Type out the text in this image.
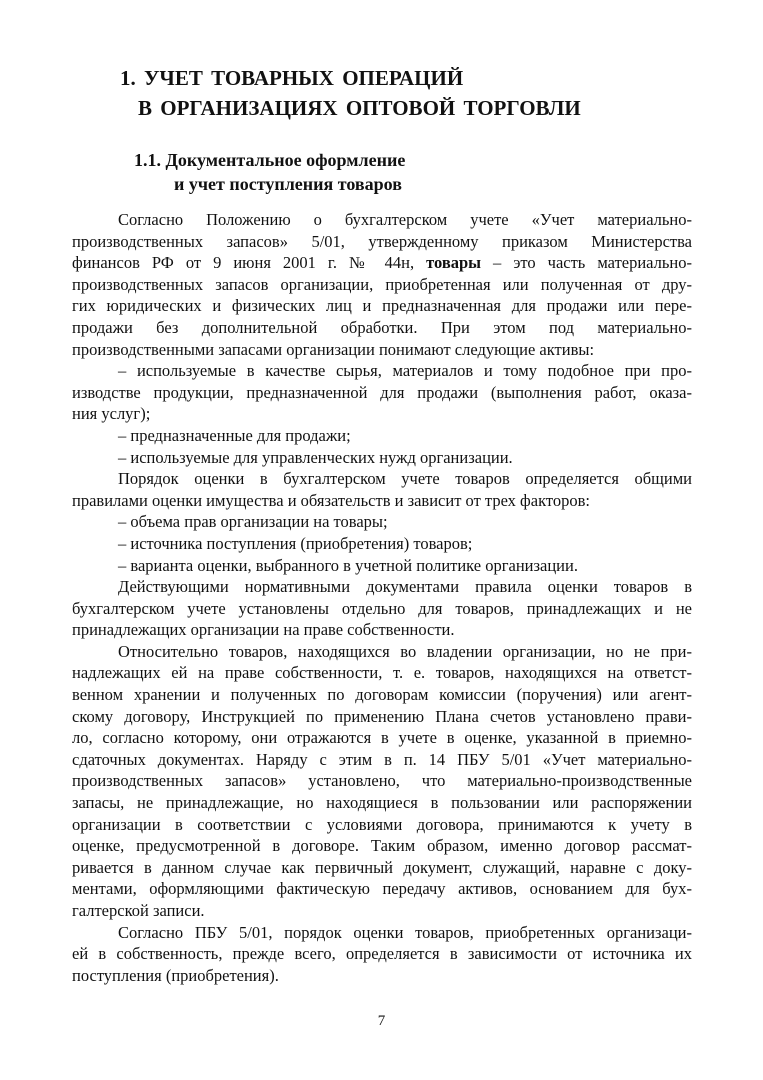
1. УЧЕТ ТОВАРНЫХ ОПЕРАЦИЙ
В ОРГАНИЗАЦИЯХ ОПТОВОЙ ТОРГОВЛИ
1.1. Документальное оформление
и учет поступления товаров

Согласно Положению о бухгалтерском учете «Учет материально-
производственных запасов» 5/01, утвержденному приказом Министерства
финансов РФ от 9 июня 2001 г. № 44н, товары – это часть материально-
производственных запасов организации, приобретенная или полученная от дру-
гих юридических и физических лиц и предназначенная для продажи или пере-
продажи без дополнительной обработки. При этом под материально-
производственными запасами организации понимают следующие активы:

– используемые в качестве сырья, материалов и тому подобное при про-
изводстве продукции, предназначенной для продажи (выполнения работ, оказа-
ния услуг);
– предназначенные для продажи;
– используемые для управленческих нужд организации.

Порядок оценки в бухгалтерском учете товаров определяется общими
правилами оценки имущества и обязательств и зависит от трех факторов:

– объема прав организации на товары;
– источника поступления (приобретения) товаров;
– варианта оценки, выбранного в учетной политике организации.

Действующими нормативными документами правила оценки товаров в
бухгалтерском учете установлены отдельно для товаров, принадлежащих и не
принадлежащих организации на праве собственности.

Относительно товаров, находящихся во владении организации, но не при-
надлежащих ей на праве собственности, т. е. товаров, находящихся на ответст-
венном хранении и полученных по договорам комиссии (поручения) или агент-
скому договору, Инструкцией по применению Плана счетов установлено прави-
ло, согласно которому, они отражаются в учете в оценке, указанной в приемно-
сдаточных документах. Наряду с этим в п. 14 ПБУ 5/01 «Учет материально-
производственных запасов» установлено, что материально-производственные
запасы, не принадлежащие, но находящиеся в пользовании или распоряжении
организации в соответствии с условиями договора, принимаются к учету в
оценке, предусмотренной в договоре. Таким образом, именно договор рассмат-
ривается в данном случае как первичный документ, служащий, наравне с доку-
ментами, оформляющими фактическую передачу активов, основанием для бух-
галтерской записи.

Согласно ПБУ 5/01, порядок оценки товаров, приобретенных организаци-
ей в собственность, прежде всего, определяется в зависимости от источника их
поступления (приобретения).

7
